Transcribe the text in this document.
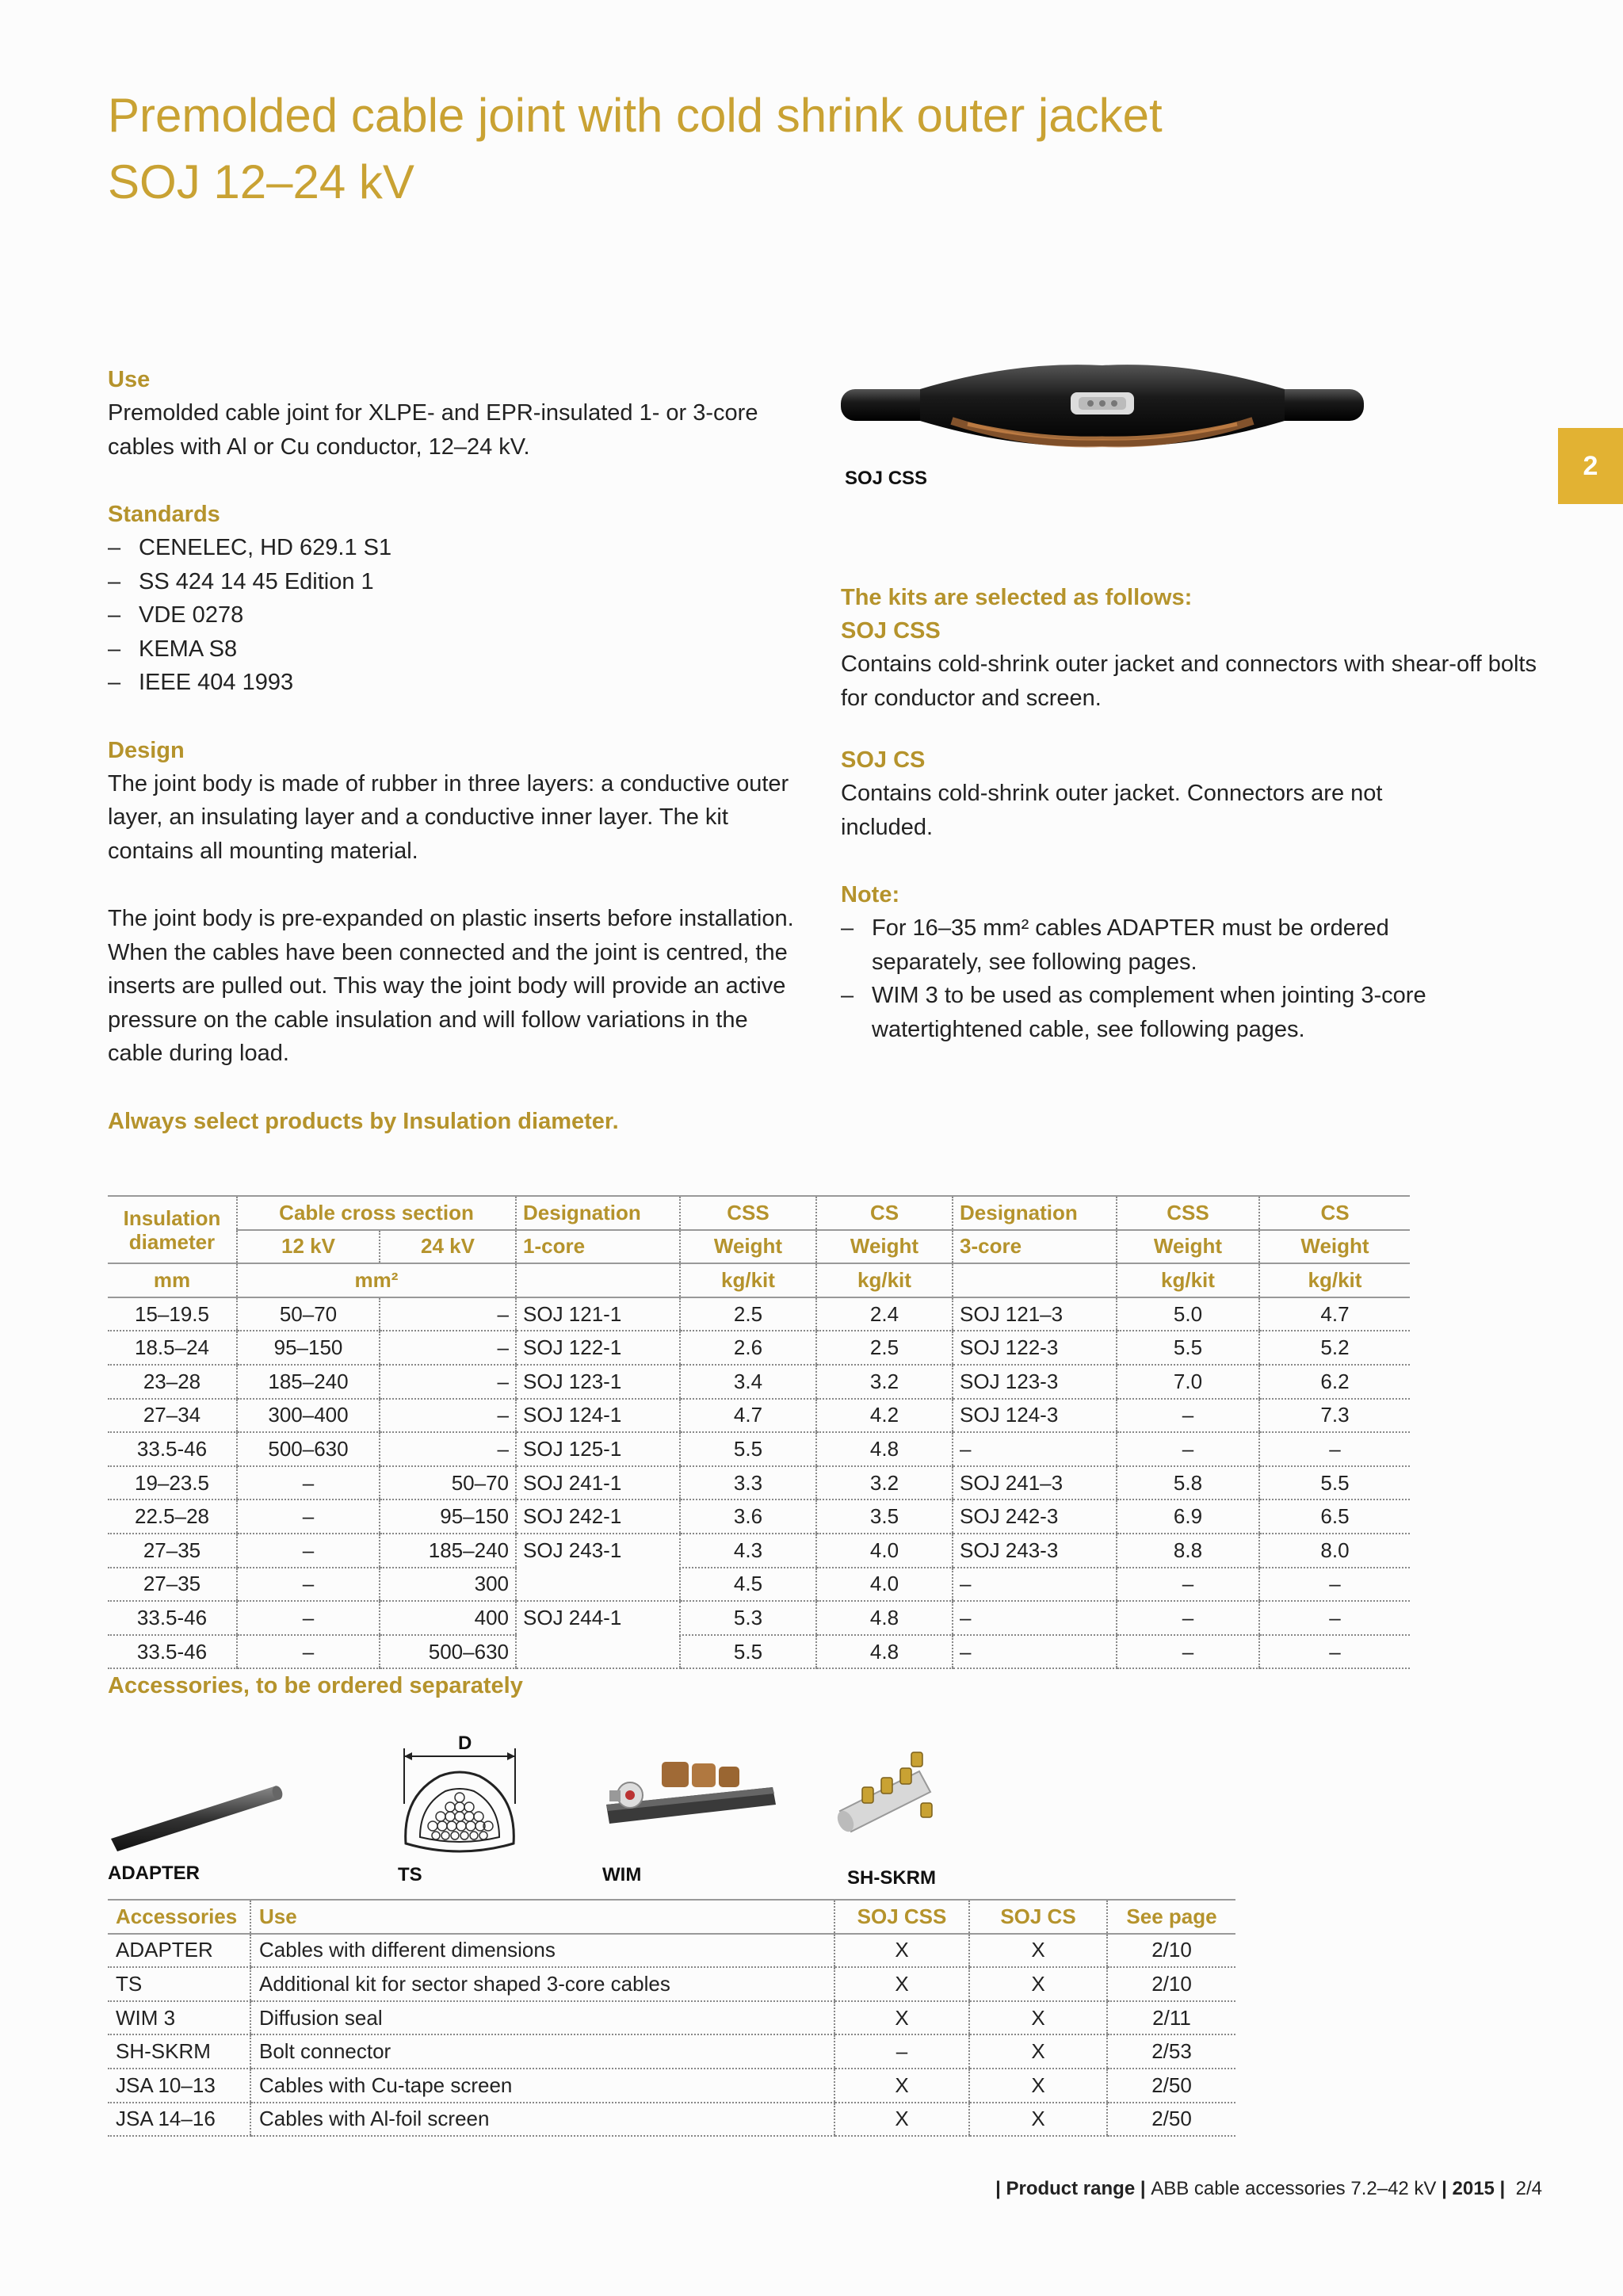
Premolded cable joint with cold shrink outer jacket
SOJ 12–24 kV
2
Use

Premolded cable joint for XLPE- and EPR-insulated 1- or 3-core cables with Al or Cu conductor, 12–24 kV.

Standards
– CENELEC, HD 629.1 S1
– SS 424 14 45 Edition 1
– VDE 0278
– KEMA S8
– IEEE 404 1993
Design

The joint body is made of rubber in three layers: a conductive outer layer, an insulating layer and a conductive inner layer. The kit contains all mounting material.

The joint body is pre-expanded on plastic inserts before installation. When the cables have been connected and the joint is centred, the inserts are pulled out. This way the joint body will provide an active pressure on the cable insulation and will follow variations in the cable during load.

Always select products by Insulation diameter.
SOJ CSS
The kits are selected as follows:
SOJ CSS

Contains cold-shrink outer jacket and connectors with shear-off bolts for conductor and screen.

SOJ CS

Contains cold-shrink outer jacket. Connectors are not included.

Note:
– For 16–35 mm² cables ADAPTER must be ordered separately, see following pages.
– WIM 3 to be used as complement when jointing 3-core watertightened cable, see following pages.
Insulation diameter	Cable cross section		Designation	CSS	CS	Designation	CSS	CS
	12 kV	24 kV	1-core	Weight	Weight	3-core	Weight	Weight
mm	mm²			kg/kit	kg/kit		kg/kit	kg/kit
15–19.5	50–70	–	SOJ 121-1	2.5	2.4	SOJ 121–3	5.0	4.7
18.5–24	95–150	–	SOJ 122-1	2.6	2.5	SOJ 122-3	5.5	5.2
23–28	185–240	–	SOJ 123-1	3.4	3.2	SOJ 123-3	7.0	6.2
27–34	300–400	–	SOJ 124-1	4.7	4.2	SOJ 124-3	–	7.3
33.5-46	500–630	–	SOJ 125-1	5.5	4.8	–	–	–
19–23.5	–	50–70	SOJ 241-1	3.3	3.2	SOJ 241–3	5.8	5.5
22.5–28	–	95–150	SOJ 242-1	3.6	3.5	SOJ 242-3	6.9	6.5
27–35	–	185–240	SOJ 243-1	4.3	4.0	SOJ 243-3	8.8	8.0
27–35	–	300		4.5	4.0	–	–	–
33.5-46	–	400	SOJ 244-1	5.3	4.8	–	–	–
33.5-46	–	500–630		5.5	4.8	–	–	–
Accessories, to be ordered separately
ADAPTER
D
TS	WIM	SH-SKRM
Accessories	Use	SOJ CSS	SOJ CS	See page
ADAPTER	Cables with different dimensions	X	X	2/10
TS	Additional kit for sector shaped 3-core cables	X	X	2/10
WIM 3	Diffusion seal	X	X	2/11
SH-SKRM	Bolt connector	–	X	2/53
JSA 10–13	Cables with Cu-tape screen	X	X	2/50
JSA 14–16	Cables with Al-foil screen	X	X	2/50
| Product range | ABB cable accessories 7.2–42 kV | 2015 |  2/4
